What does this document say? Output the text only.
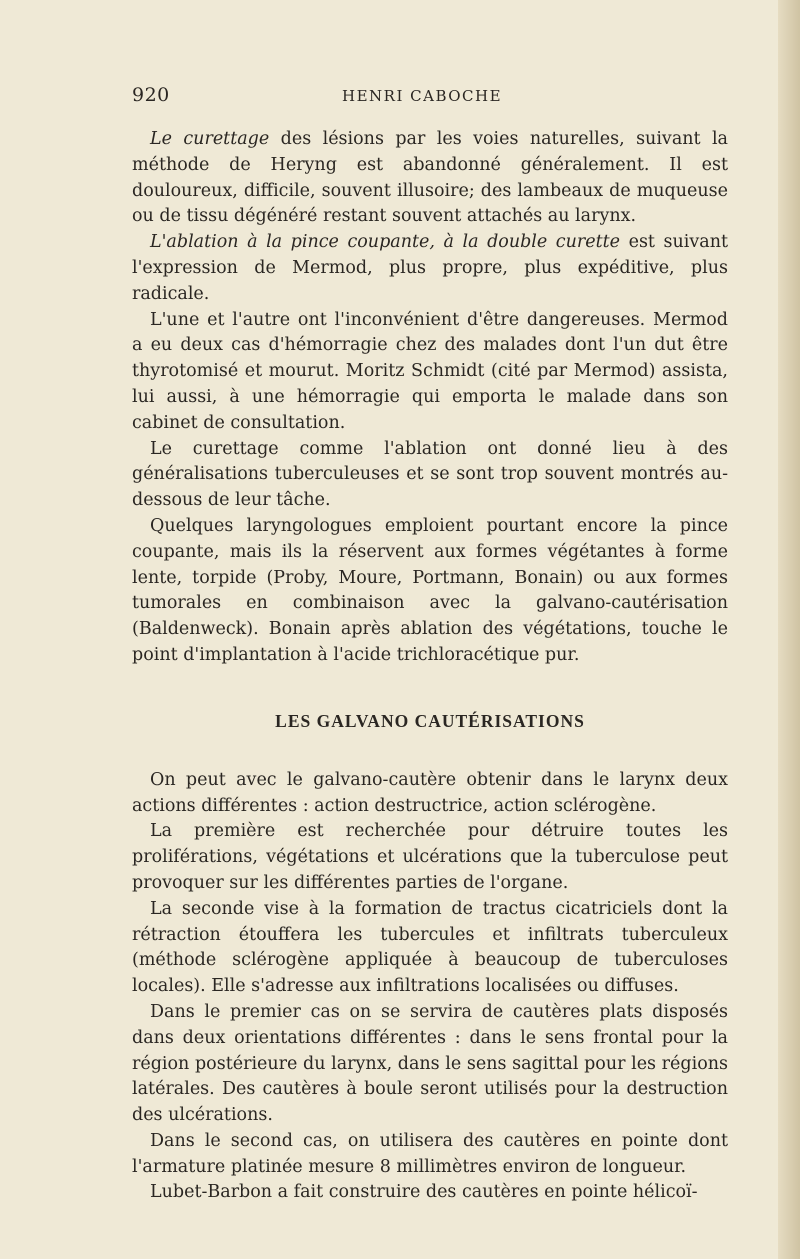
920	HENRI CABOCHE

Le curettage des lésions par les voies naturelles, suivant la méthode de Heryng est abandonné généralement. Il est douloureux, difficile, souvent illusoire; des lambeaux de muqueuse ou de tissu dégénéré restant souvent attachés au larynx.

L'ablation à la pince coupante, à la double curette est suivant l'expression de Mermod, plus propre, plus expéditive, plus radicale.

L'une et l'autre ont l'inconvénient d'être dangereuses. Mermod a eu deux cas d'hémorragie chez des malades dont l'un dut être thyrotomisé et mourut. Moritz Schmidt (cité par Mermod) assista, lui aussi, à une hémorragie qui emporta le malade dans son cabinet de consultation.

Le curettage comme l'ablation ont donné lieu à des généralisations tuberculeuses et se sont trop souvent montrés au-dessous de leur tâche.

Quelques laryngologues emploient pourtant encore la pince coupante, mais ils la réservent aux formes végétantes à forme lente, torpide (Proby, Moure, Portmann, Bonain) ou aux formes tumorales en combinaison avec la galvano-cautérisation (Baldenweck). Bonain après ablation des végétations, touche le point d'implantation à l'acide trichloracétique pur.

LES GALVANO CAUTÉRISATIONS

On peut avec le galvano-cautère obtenir dans le larynx deux actions différentes : action destructrice, action sclérogène.

La première est recherchée pour détruire toutes les proliférations, végétations et ulcérations que la tuberculose peut provoquer sur les différentes parties de l'organe.

La seconde vise à la formation de tractus cicatriciels dont la rétraction étouffera les tubercules et infiltrats tuberculeux (méthode sclérogène appliquée à beaucoup de tuberculoses locales). Elle s'adresse aux infiltrations localisées ou diffuses.

Dans le premier cas on se servira de cautères plats disposés dans deux orientations différentes : dans le sens frontal pour la région postérieure du larynx, dans le sens sagittal pour les régions latérales. Des cautères à boule seront utilisés pour la destruction des ulcérations.

Dans le second cas, on utilisera des cautères en pointe dont l'armature platinée mesure 8 millimètres environ de longueur.

Lubet-Barbon a fait construire des cautères en pointe hélicoï-
